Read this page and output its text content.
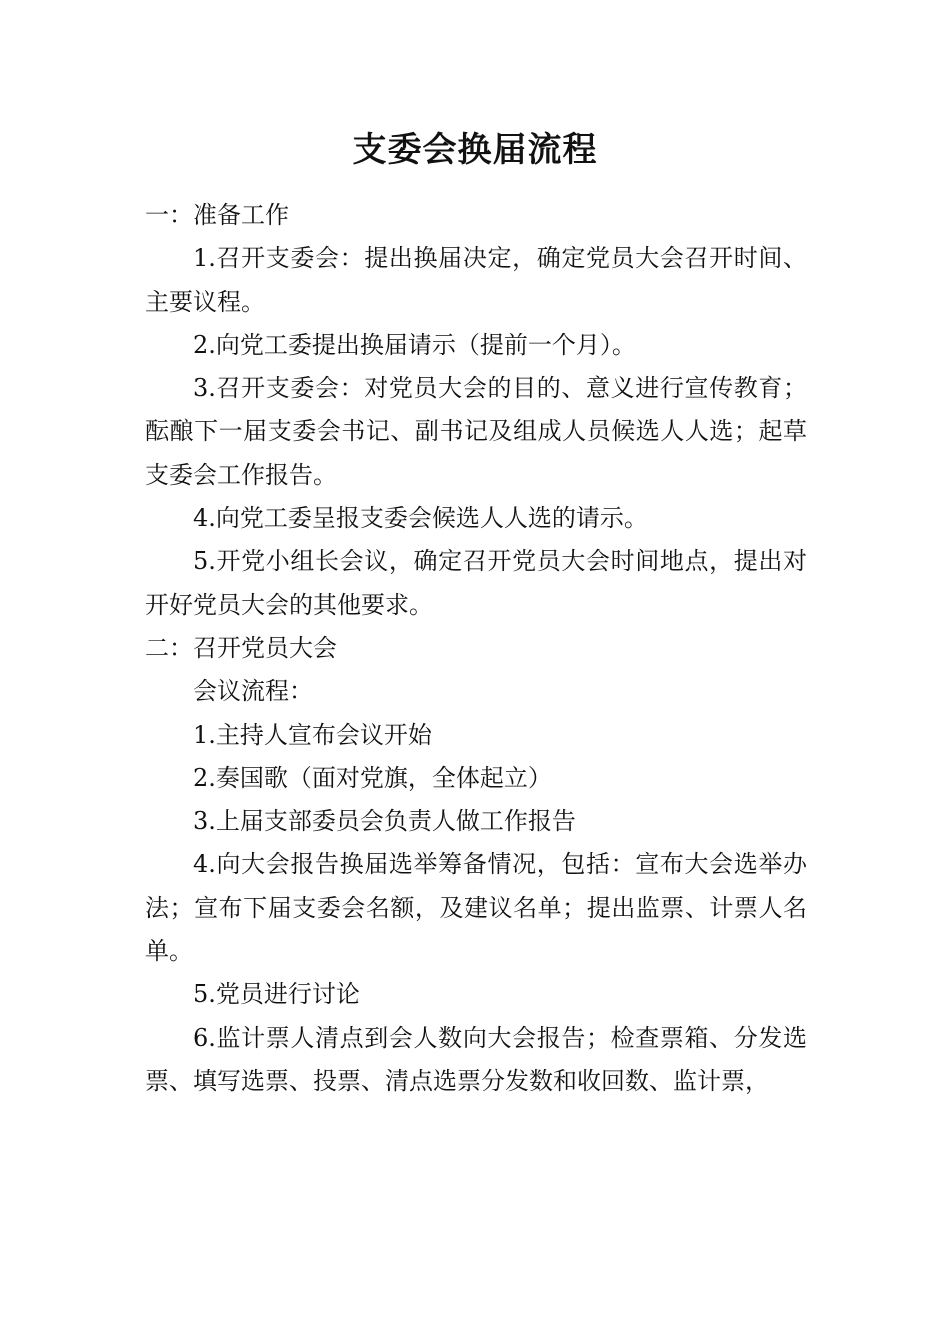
支委会换届流程

一：准备工作

1.召开支委会：提出换届决定，确定党员大会召开时间、主要议程。

2.向党工委提出换届请示（提前一个月）。

3.召开支委会：对党员大会的目的、意义进行宣传教育；酝酿下一届支委会书记、副书记及组成人员候选人人选；起草支委会工作报告。

4.向党工委呈报支委会候选人人选的请示。

5.开党小组长会议，确定召开党员大会时间地点，提出对开好党员大会的其他要求。

二：召开党员大会

会议流程：

1.主持人宣布会议开始

2.奏国歌（面对党旗，全体起立）

3.上届支部委员会负责人做工作报告

4.向大会报告换届选举筹备情况，包括：宣布大会选举办法；宣布下届支委会名额，及建议名单；提出监票、计票人名单。

5.党员进行讨论

6.监计票人清点到会人数向大会报告；检查票箱、分发选票、填写选票、投票、清点选票分发数和收回数、监计票，
